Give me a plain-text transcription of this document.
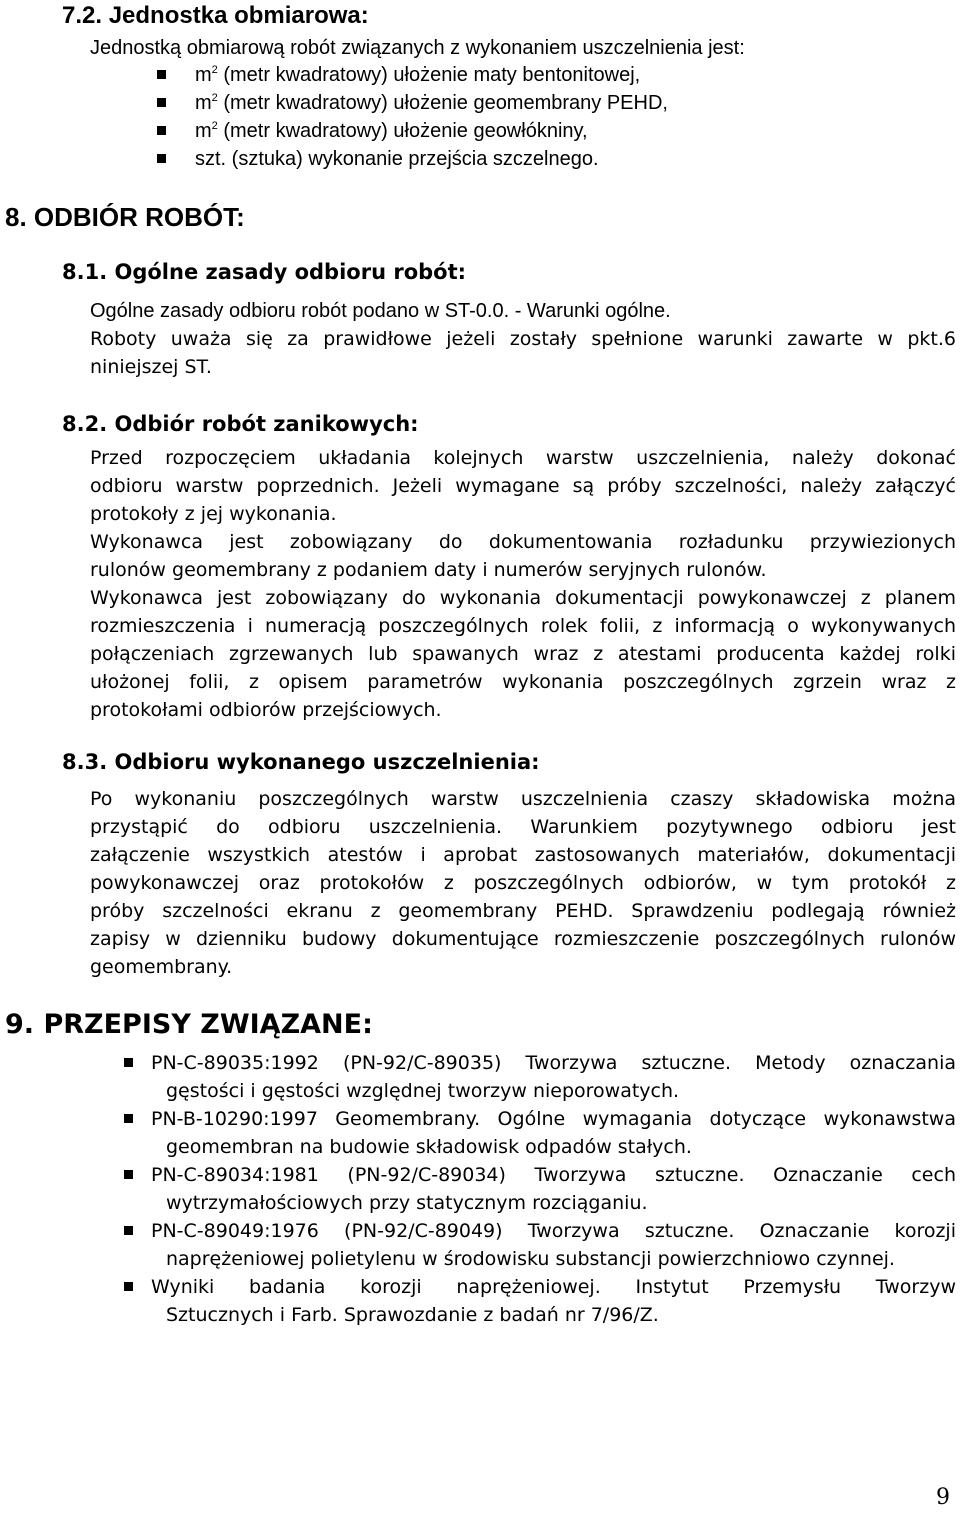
7.2. Jednostka obmiarowa:
Jednostką obmiarową robót związanych z wykonaniem uszczelnienia jest:
$m^2$ (metr kwadratowy) ułożenie maty bentonitowej,
$m^2$ (metr kwadratowy) ułożenie geomembrany PEHD,
$m^2$ (metr kwadratowy) ułożenie geowłókniny,
szt. (sztuka) wykonanie przejścia szczelnego.
8. ODBIÓR ROBÓT:
8.1. Ogólne zasady odbioru robót:
Ogólne zasady odbioru robót podano w ST-0.0. - Warunki ogólne.
Roboty uważa się za prawidłowe jeżeli zostały spełnione warunki zawarte w pkt.6
niniejszej ST.
8.2. Odbiór robót zanikowych:
Przed rozpoczęciem układania kolejnych warstw uszczelnienia, należy dokonać
odbioru warstw poprzednich. Jeżeli wymagane są próby szczelności, należy załączyć
protokoły z jej wykonania.
Wykonawca jest zobowiązany do dokumentowania rozładunku przywiezionych
rulonów geomembrany z podaniem daty i numerów seryjnych rulonów.
Wykonawca jest zobowiązany do wykonania dokumentacji powykonawczej z planem
rozmieszczenia i numeracją poszczególnych rolek folii, z informacją o wykonywanych
połączeniach zgrzewanych lub spawanych wraz z atestami producenta każdej rolki
ułożonej folii, z opisem parametrów wykonania poszczególnych zgrzein wraz z
protokołami odbiorów przejściowych.
8.3. Odbioru wykonanego uszczelnienia:
Po wykonaniu poszczególnych warstw uszczelnienia czaszy składowiska można
przystąpić do odbioru uszczelnienia. Warunkiem pozytywnego odbioru jest
załączenie wszystkich atestów i aprobat zastosowanych materiałów, dokumentacji
powykonawczej oraz protokołów z poszczególnych odbiorów, w tym protokół z
próby szczelności ekranu z geomembrany PEHD. Sprawdzeniu podlegają również
zapisy w dzienniku budowy dokumentujące rozmieszczenie poszczególnych rulonów
geomembrany.
9. PRZEPISY ZWIĄZANE:
PN-C-89035:1992 (PN-92/C-89035) Tworzywa sztuczne. Metody oznaczania
gęstości i gęstości względnej tworzyw nieporowatych.
PN-B-10290:1997 Geomembrany. Ogólne wymagania dotyczące wykonawstwa
geomembran na budowie składowisk odpadów stałych.
PN-C-89034:1981 (PN-92/C-89034) Tworzywa sztuczne. Oznaczanie cech
wytrzymałościowych przy statycznym rozciąganiu.
PN-C-89049:1976 (PN-92/C-89049) Tworzywa sztuczne. Oznaczanie korozji
naprężeniowej polietylenu w środowisku substancji powierzchniowo czynnej.
Wyniki badania korozji naprężeniowej. Instytut Przemysłu Tworzyw
Sztucznych i Farb. Sprawozdanie z badań nr 7/96/Z.
9
